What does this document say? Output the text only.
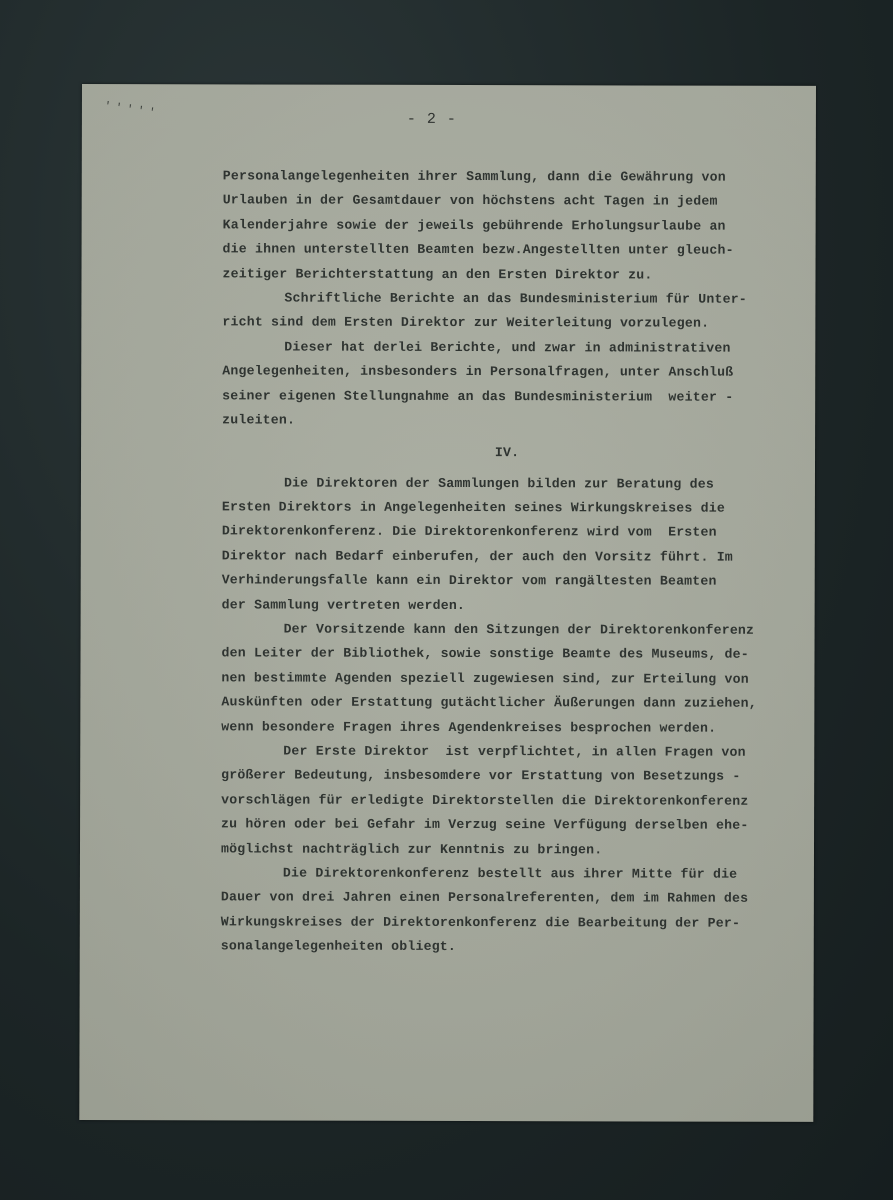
' ' ' ' '	- 2 -
Personalangelegenheiten ihrer Sammlung, dann die Gewährung von
Urlauben in der Gesamtdauer von höchstens acht Tagen in jedem
Kalenderjahre sowie der jeweils gebührende Erholungsurlaube an
die ihnen unterstellten Beamten bezw.Angestellten unter gleuch-
zeitiger Berichterstattung an den Ersten Direktor zu.
Schriftliche Berichte an das Bundesministerium für Unter-
richt sind dem Ersten Direktor zur Weiterleitung vorzulegen.
Dieser hat derlei Berichte, und zwar in administrativen
Angelegenheiten, insbesonders in Personalfragen, unter Anschluß
seiner eigenen Stellungnahme an das Bundesministerium  weiter -
zuleiten.
IV.
Die Direktoren der Sammlungen bilden zur Beratung des
Ersten Direktors in Angelegenheiten seines Wirkungskreises die
Direktorenkonferenz. Die Direktorenkonferenz wird vom  Ersten
Direktor nach Bedarf einberufen, der auch den Vorsitz führt. Im
Verhinderungsfalle kann ein Direktor vom rangältesten Beamten
der Sammlung vertreten werden.
Der Vorsitzende kann den Sitzungen der Direktorenkonferenz
den Leiter der Bibliothek, sowie sonstige Beamte des Museums, de-
nen bestimmte Agenden speziell zugewiesen sind, zur Erteilung von
Auskünften oder Erstattung gutächtlicher Äußerungen dann zuziehen,
wenn besondere Fragen ihres Agendenkreises besprochen werden.
Der Erste Direktor  ist verpflichtet, in allen Fragen von
größerer Bedeutung, insbesomdere vor Erstattung von Besetzungs -
vorschlägen für erledigte Direktorstellen die Direktorenkonferenz
zu hören oder bei Gefahr im Verzug seine Verfügung derselben ehe-
möglichst nachträglich zur Kenntnis zu bringen.
Die Direktorenkonferenz bestellt aus ihrer Mitte für die
Dauer von drei Jahren einen Personalreferenten, dem im Rahmen des
Wirkungskreises der Direktorenkonferenz die Bearbeitung der Per-
sonalangelegenheiten obliegt.
